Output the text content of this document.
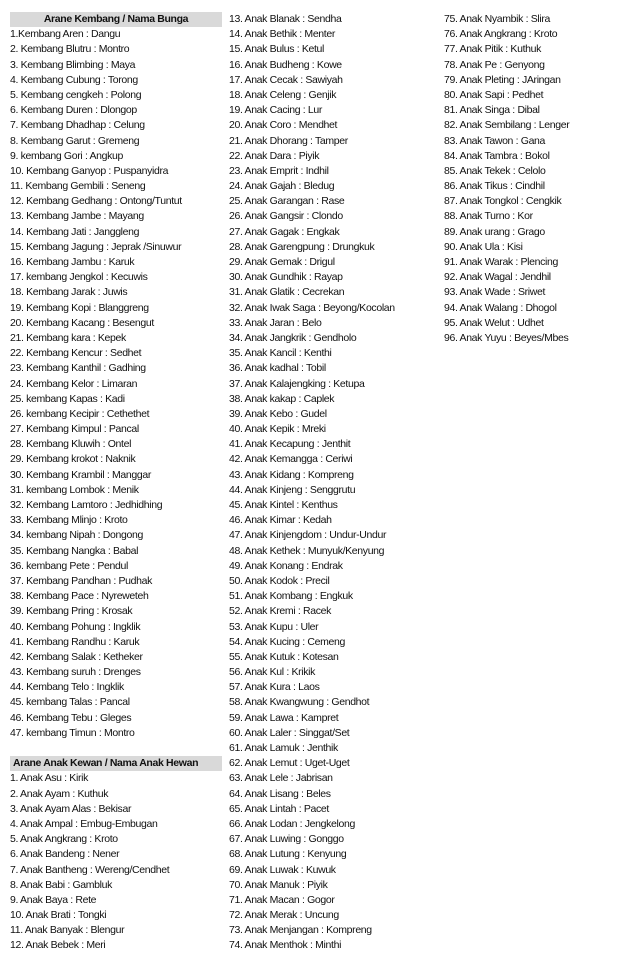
Arane Kembang / Nama Bunga
1.Kembang Aren : Dangu
2. Kembang Blutru : Montro
3. Kembang Blimbing : Maya
4. Kembang Cubung : Torong
5. Kembang cengkeh : Polong
6. Kembang Duren : Dlongop
7. Kembang Dhadhap : Celung
8. Kembang Garut : Gremeng
9. kembang Gori : Angkup
10. Kembang Ganyop : Puspanyidra
11. Kembang Gembili : Seneng
12. Kembang Gedhang : Ontong/Tuntut
13. Kembang Jambe : Mayang
14. Kembang Jati : Janggleng
15. Kembang Jagung : Jeprak /Sinuwur
16. Kembang Jambu : Karuk
17. kembang Jengkol : Kecuwis
18. Kembang Jarak : Juwis
19. Kembang Kopi : Blanggreng
20. Kembang Kacang : Besengut
21. Kembang kara : Kepek
22. Kembang Kencur : Sedhet
23. Kembang Kanthil : Gadhing
24. Kembang Kelor : Limaran
25. kembang Kapas : Kadi
26. kembang Kecipir : Cethethet
27. Kembang Kimpul : Pancal
28. Kembang Kluwih : Ontel
29. Kembang krokot : Naknik
30. Kembang Krambil : Manggar
31. kembang Lombok : Menik
32. Kembang Lamtoro : Jedhidhing
33. Kembang Mlinjo : Kroto
34. kembang Nipah : Dongong
35. Kembang Nangka : Babal
36. kembang Pete : Pendul
37. Kembang Pandhan : Pudhak
38. Kembang Pace : Nyreweteh
39. Kembang Pring : Krosak
40. Kembang Pohung : Ingklik
41. Kembang Randhu : Karuk
42. Kembang Salak : Ketheker
43. Kembang suruh : Drenges
44. Kembang Telo : Ingklik
45. kembang Talas : Pancal
46. Kembang Tebu : Gleges
47. kembang Timun : Montro
Arane Anak Kewan / Nama Anak Hewan
1. Anak Asu : Kirik
2. Anak Ayam : Kuthuk
3. Anak Ayam Alas : Bekisar
4. Anak Ampal : Embug-Embugan
5. Anak Angkrang : Kroto
6. Anak Bandeng : Nener
7. Anak Bantheng : Wereng/Cendhet
8. Anak Babi : Gambluk
9. Anak Baya : Rete
10. Anak Brati : Tongki
11. Anak Banyak : Blengur
12. Anak Bebek : Meri
13. Anak Blanak : Sendha
14. Anak Bethik : Menter
15. Anak Bulus : Ketul
16. Anak Budheng : Kowe
17. Anak Cecak : Sawiyah
18. Anak Celeng : Genjik
19. Anak Cacing : Lur
20. Anak Coro : Mendhet
21. Anak Dhorang : Tamper
22. Anak Dara : Piyik
23. Anak Emprit : Indhil
24. Anak Gajah : Bledug
25. Anak Garangan : Rase
26. Anak Gangsir : Clondo
27. Anak Gagak : Engkak
28. Anak Garengpung : Drungkuk
29. Anak Gemak : Drigul
30. Anak Gundhik : Rayap
31. Anak Glatik : Cecrekan
32. Anak Iwak Saga : Beyong/Kocolan
33. Anak Jaran : Belo
34. Anak Jangkrik : Gendholo
35. Anak Kancil : Kenthi
36. Anak kadhal : Tobil
37. Anak Kalajengking : Ketupa
38. Anak kakap : Caplek
39. Anak Kebo : Gudel
40. Anak Kepik : Mreki
41. Anak Kecapung : Jenthit
42. Anak Kemangga : Ceriwi
43. Anak Kidang : Kompreng
44. Anak Kinjeng : Senggrutu
45. Anak Kintel : Kenthus
46. Anak Kimar : Kedah
47. Anak Kinjengdom : Undur-Undur
48. Anak Kethek : Munyuk/Kenyung
49. Anak Konang : Endrak
50. Anak Kodok : Precil
51. Anak Kombang : Engkuk
52. Anak Kremi : Racek
53. Anak Kupu : Uler
54. Anak Kucing : Cemeng
55. Anak Kutuk : Kotesan
56. Anak Kul : Krikik
57. Anak Kura : Laos
58. Anak Kwangwung : Gendhot
59. Anak Lawa : Kampret
60. Anak Laler : Singgat/Set
61. Anak Lamuk : Jenthik
62. Anak Lemut : Uget-Uget
63. Anak Lele : Jabrisan
64. Anak Lisang : Beles
65. Anak Lintah : Pacet
66. Anak Lodan : Jengkelong
67. Anak Luwing : Gonggo
68. Anak Lutung : Kenyung
69. Anak Luwak : Kuwuk
70. Anak Manuk : Piyik
71. Anak Macan : Gogor
72. Anak Merak : Uncung
73. Anak Menjangan : Kompreng
74. Anak Menthok : Minthi
75. Anak Nyambik : Slira
76. Anak Angkrang : Kroto
77. Anak Pitik : Kuthuk
78. Anak Pe : Genyong
79. Anak Pleting : JAringan
80. Anak Sapi : Pedhet
81. Anak Singa : Dibal
82. Anak Sembilang : Lenger
83. Anak Tawon : Gana
84. Anak Tambra : Bokol
85. Anak Tekek : Celolo
86. Anak Tikus : Cindhil
87. Anak Tongkol : Cengkik
88. Anak Turno : Kor
89. Anak urang : Grago
90. Anak Ula : Kisi
91. Anak Warak : Plencing
92. Anak Wagal : Jendhil
93. Anak Wade : Sriwet
94. Anak Walang : Dhogol
95. Anak Welut : Udhet
96. Anak Yuyu : Beyes/Mbes
